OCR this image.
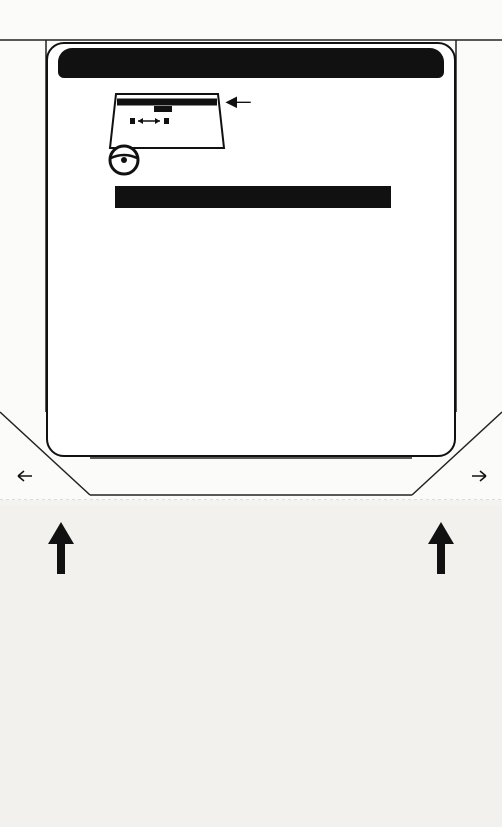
◀—
